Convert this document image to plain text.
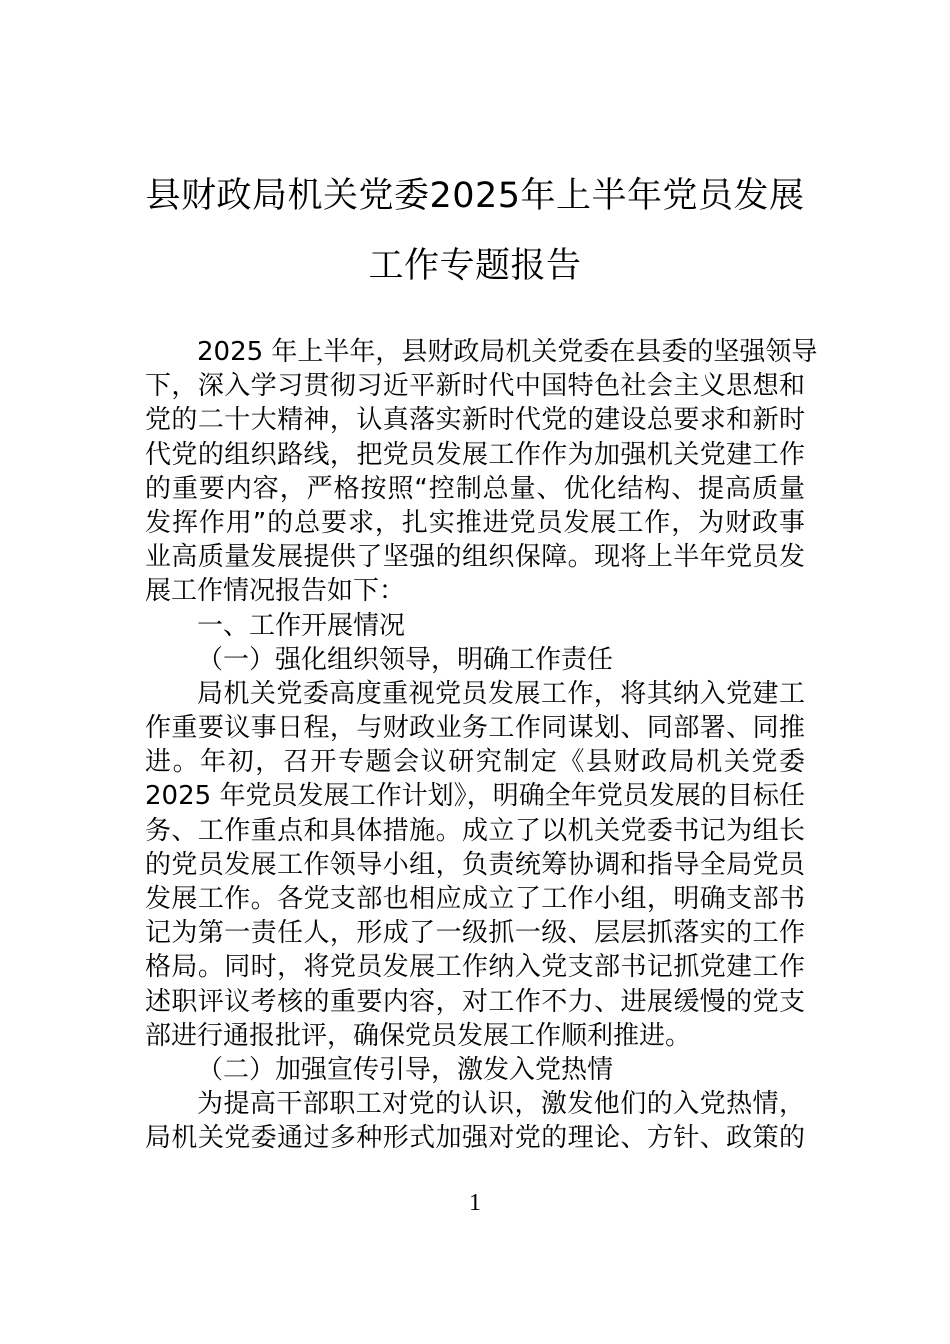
县财政局机关党委2025年上半年党员发展
工作专题报告
2025 年上半年，县财政局机关党委在县委的坚强领导
下，深入学习贯彻习近平新时代中国特色社会主义思想和
党的二十大精神，认真落实新时代党的建设总要求和新时
代党的组织路线，把党员发展工作作为加强机关党建工作
的重要内容，严格按照“控制总量、优化结构、提高质量
发挥作用”的总要求，扎实推进党员发展工作，为财政事
业高质量发展提供了坚强的组织保障。现将上半年党员发
展工作情况报告如下：
一、工作开展情况
（一）强化组织领导，明确工作责任
局机关党委高度重视党员发展工作，将其纳入党建工
作重要议事日程，与财政业务工作同谋划、同部署、同推
进。年初，召开专题会议研究制定《县财政局机关党委
2025 年党员发展工作计划》，明确全年党员发展的目标任
务、工作重点和具体措施。成立了以机关党委书记为组长
的党员发展工作领导小组，负责统筹协调和指导全局党员
发展工作。各党支部也相应成立了工作小组，明确支部书
记为第一责任人，形成了一级抓一级、层层抓落实的工作
格局。同时，将党员发展工作纳入党支部书记抓党建工作
述职评议考核的重要内容，对工作不力、进展缓慢的党支
部进行通报批评，确保党员发展工作顺利推进。
（二）加强宣传引导，激发入党热情
为提高干部职工对党的认识，激发他们的入党热情，
局机关党委通过多种形式加强对党的理论、方针、政策的
1
